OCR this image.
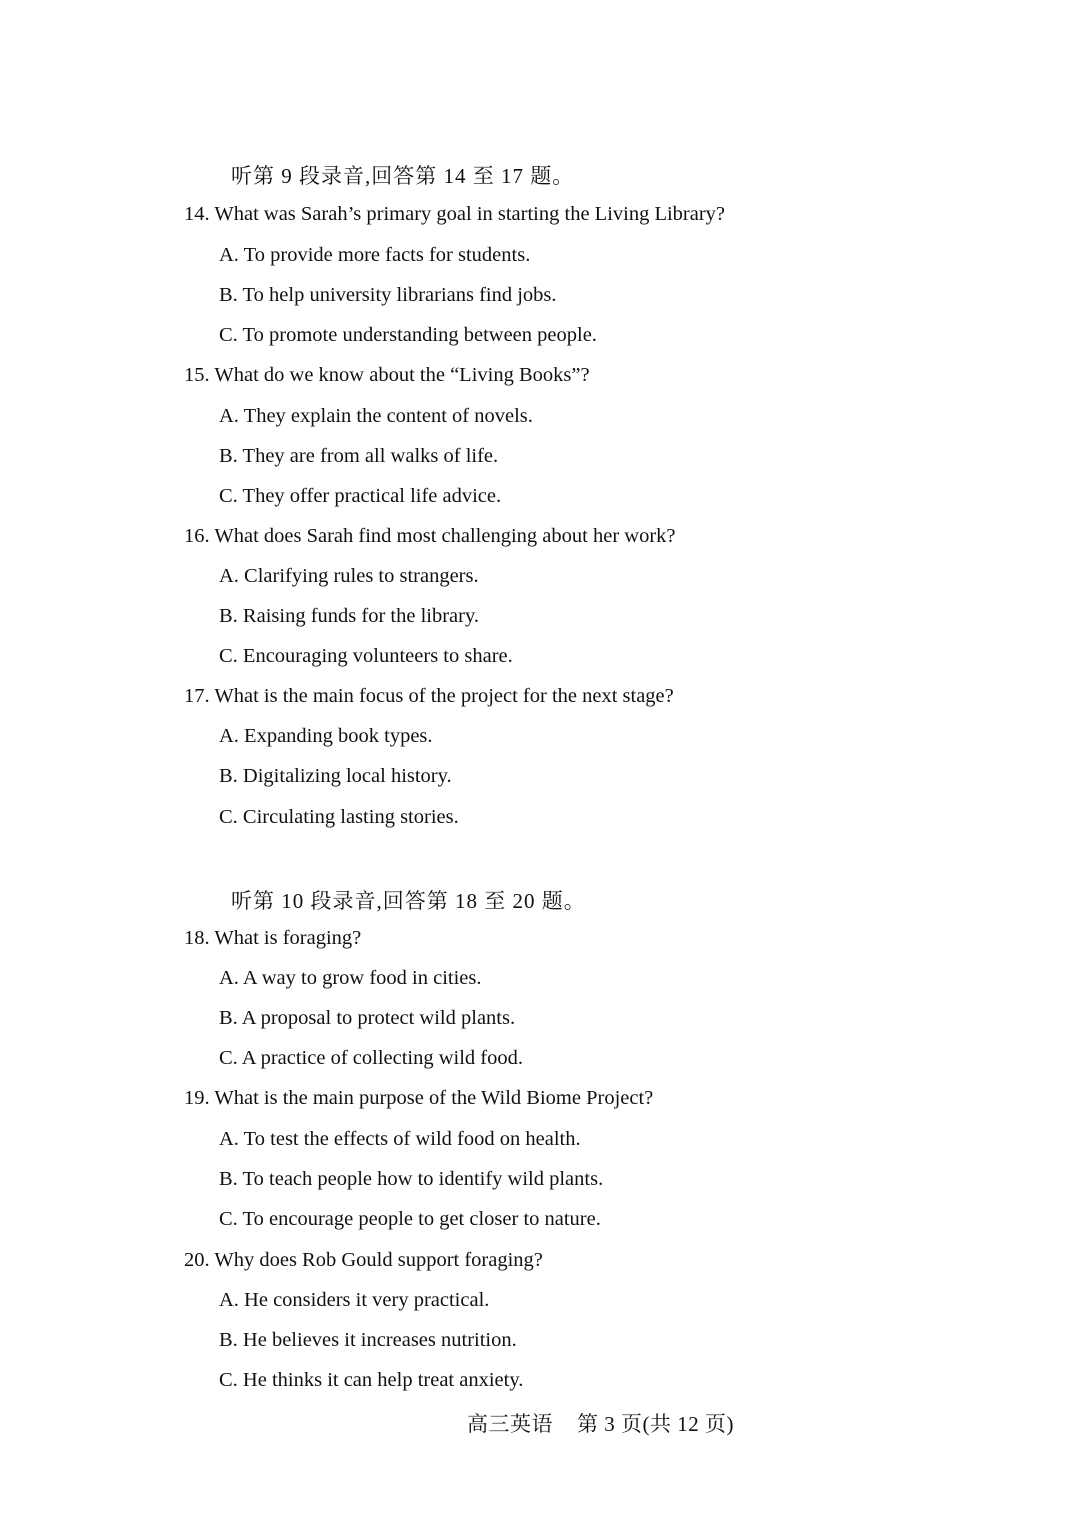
听第 9 段录音,回答第 14 至 17 题。
14. What was Sarah’s primary goal in starting the Living Library?
A. To provide more facts for students.
B. To help university librarians find jobs.
C. To promote understanding between people.
15. What do we know about the “Living Books”?
A. They explain the content of novels.
B. They are from all walks of life.
C. They offer practical life advice.
16. What does Sarah find most challenging about her work?
A. Clarifying rules to strangers.
B. Raising funds for the library.
C. Encouraging volunteers to share.
17. What is the main focus of the project for the next stage?
A. Expanding book types.
B. Digitalizing local history.
C. Circulating lasting stories.
听第 10 段录音,回答第 18 至 20 题。
18. What is foraging?
A. A way to grow food in cities.
B. A proposal to protect wild plants.
C. A practice of collecting wild food.
19. What is the main purpose of the Wild Biome Project?
A. To test the effects of wild food on health.
B. To teach people how to identify wild plants.
C. To encourage people to get closer to nature.
20. Why does Rob Gould support foraging?
A. He considers it very practical.
B. He believes it increases nutrition.
C. He thinks it can help treat anxiety.
高三英语 第 3 页(共 12 页)
